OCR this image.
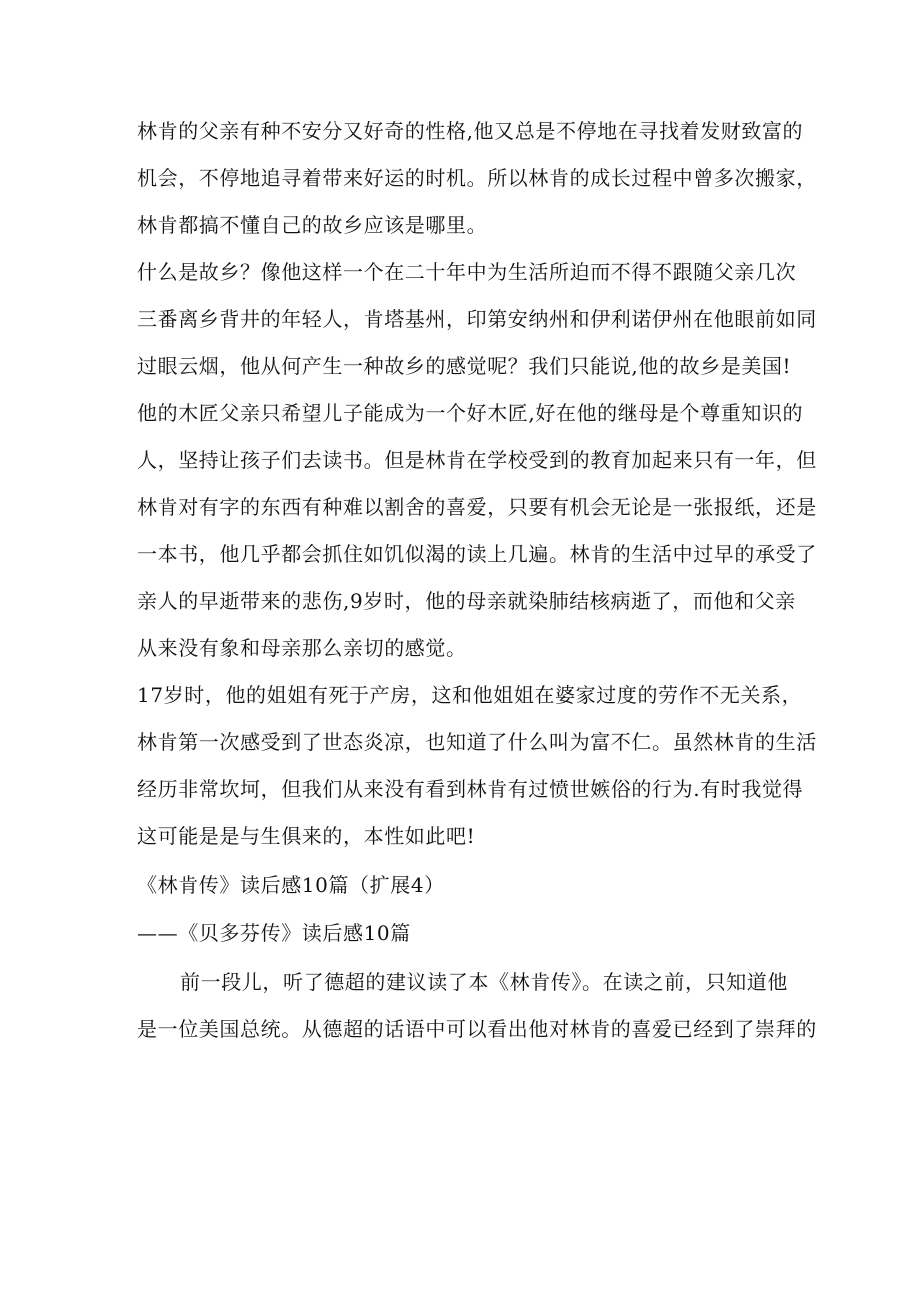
林肯的父亲有种不安分又好奇的性格,他又总是不停地在寻找着发财致富的
机会，不停地追寻着带来好运的时机。所以林肯的成长过程中曾多次搬家，
林肯都搞不懂自己的故乡应该是哪里。
什么是故乡？像他这样一个在二十年中为生活所迫而不得不跟随父亲几次
三番离乡背井的年轻人，肯塔基州，印第安纳州和伊利诺伊州在他眼前如同
过眼云烟，他从何产生一种故乡的感觉呢？我们只能说,他的故乡是美国!
他的木匠父亲只希望儿子能成为一个好木匠,好在他的继母是个尊重知识的
人，坚持让孩子们去读书。但是林肯在学校受到的教育加起来只有一年，但
林肯对有字的东西有种难以割舍的喜爱，只要有机会无论是一张报纸，还是
一本书，他几乎都会抓住如饥似渴的读上几遍。林肯的生活中过早的承受了
亲人的早逝带来的悲伤,9岁时，他的母亲就染肺结核病逝了，而他和父亲
从来没有象和母亲那么亲切的感觉。
17岁时，他的姐姐有死于产房，这和他姐姐在婆家过度的劳作不无关系，
林肯第一次感受到了世态炎凉，也知道了什么叫为富不仁。虽然林肯的生活
经历非常坎坷，但我们从来没有看到林肯有过愤世嫉俗的行为.有时我觉得
这可能是是与生俱来的，本性如此吧!
《林肯传》读后感10篇（扩展4）
——《贝多芬传》读后感10篇
前一段儿，听了德超的建议读了本《林肯传》。在读之前，只知道他
是一位美国总统。从德超的话语中可以看出他对林肯的喜爱已经到了崇拜的
